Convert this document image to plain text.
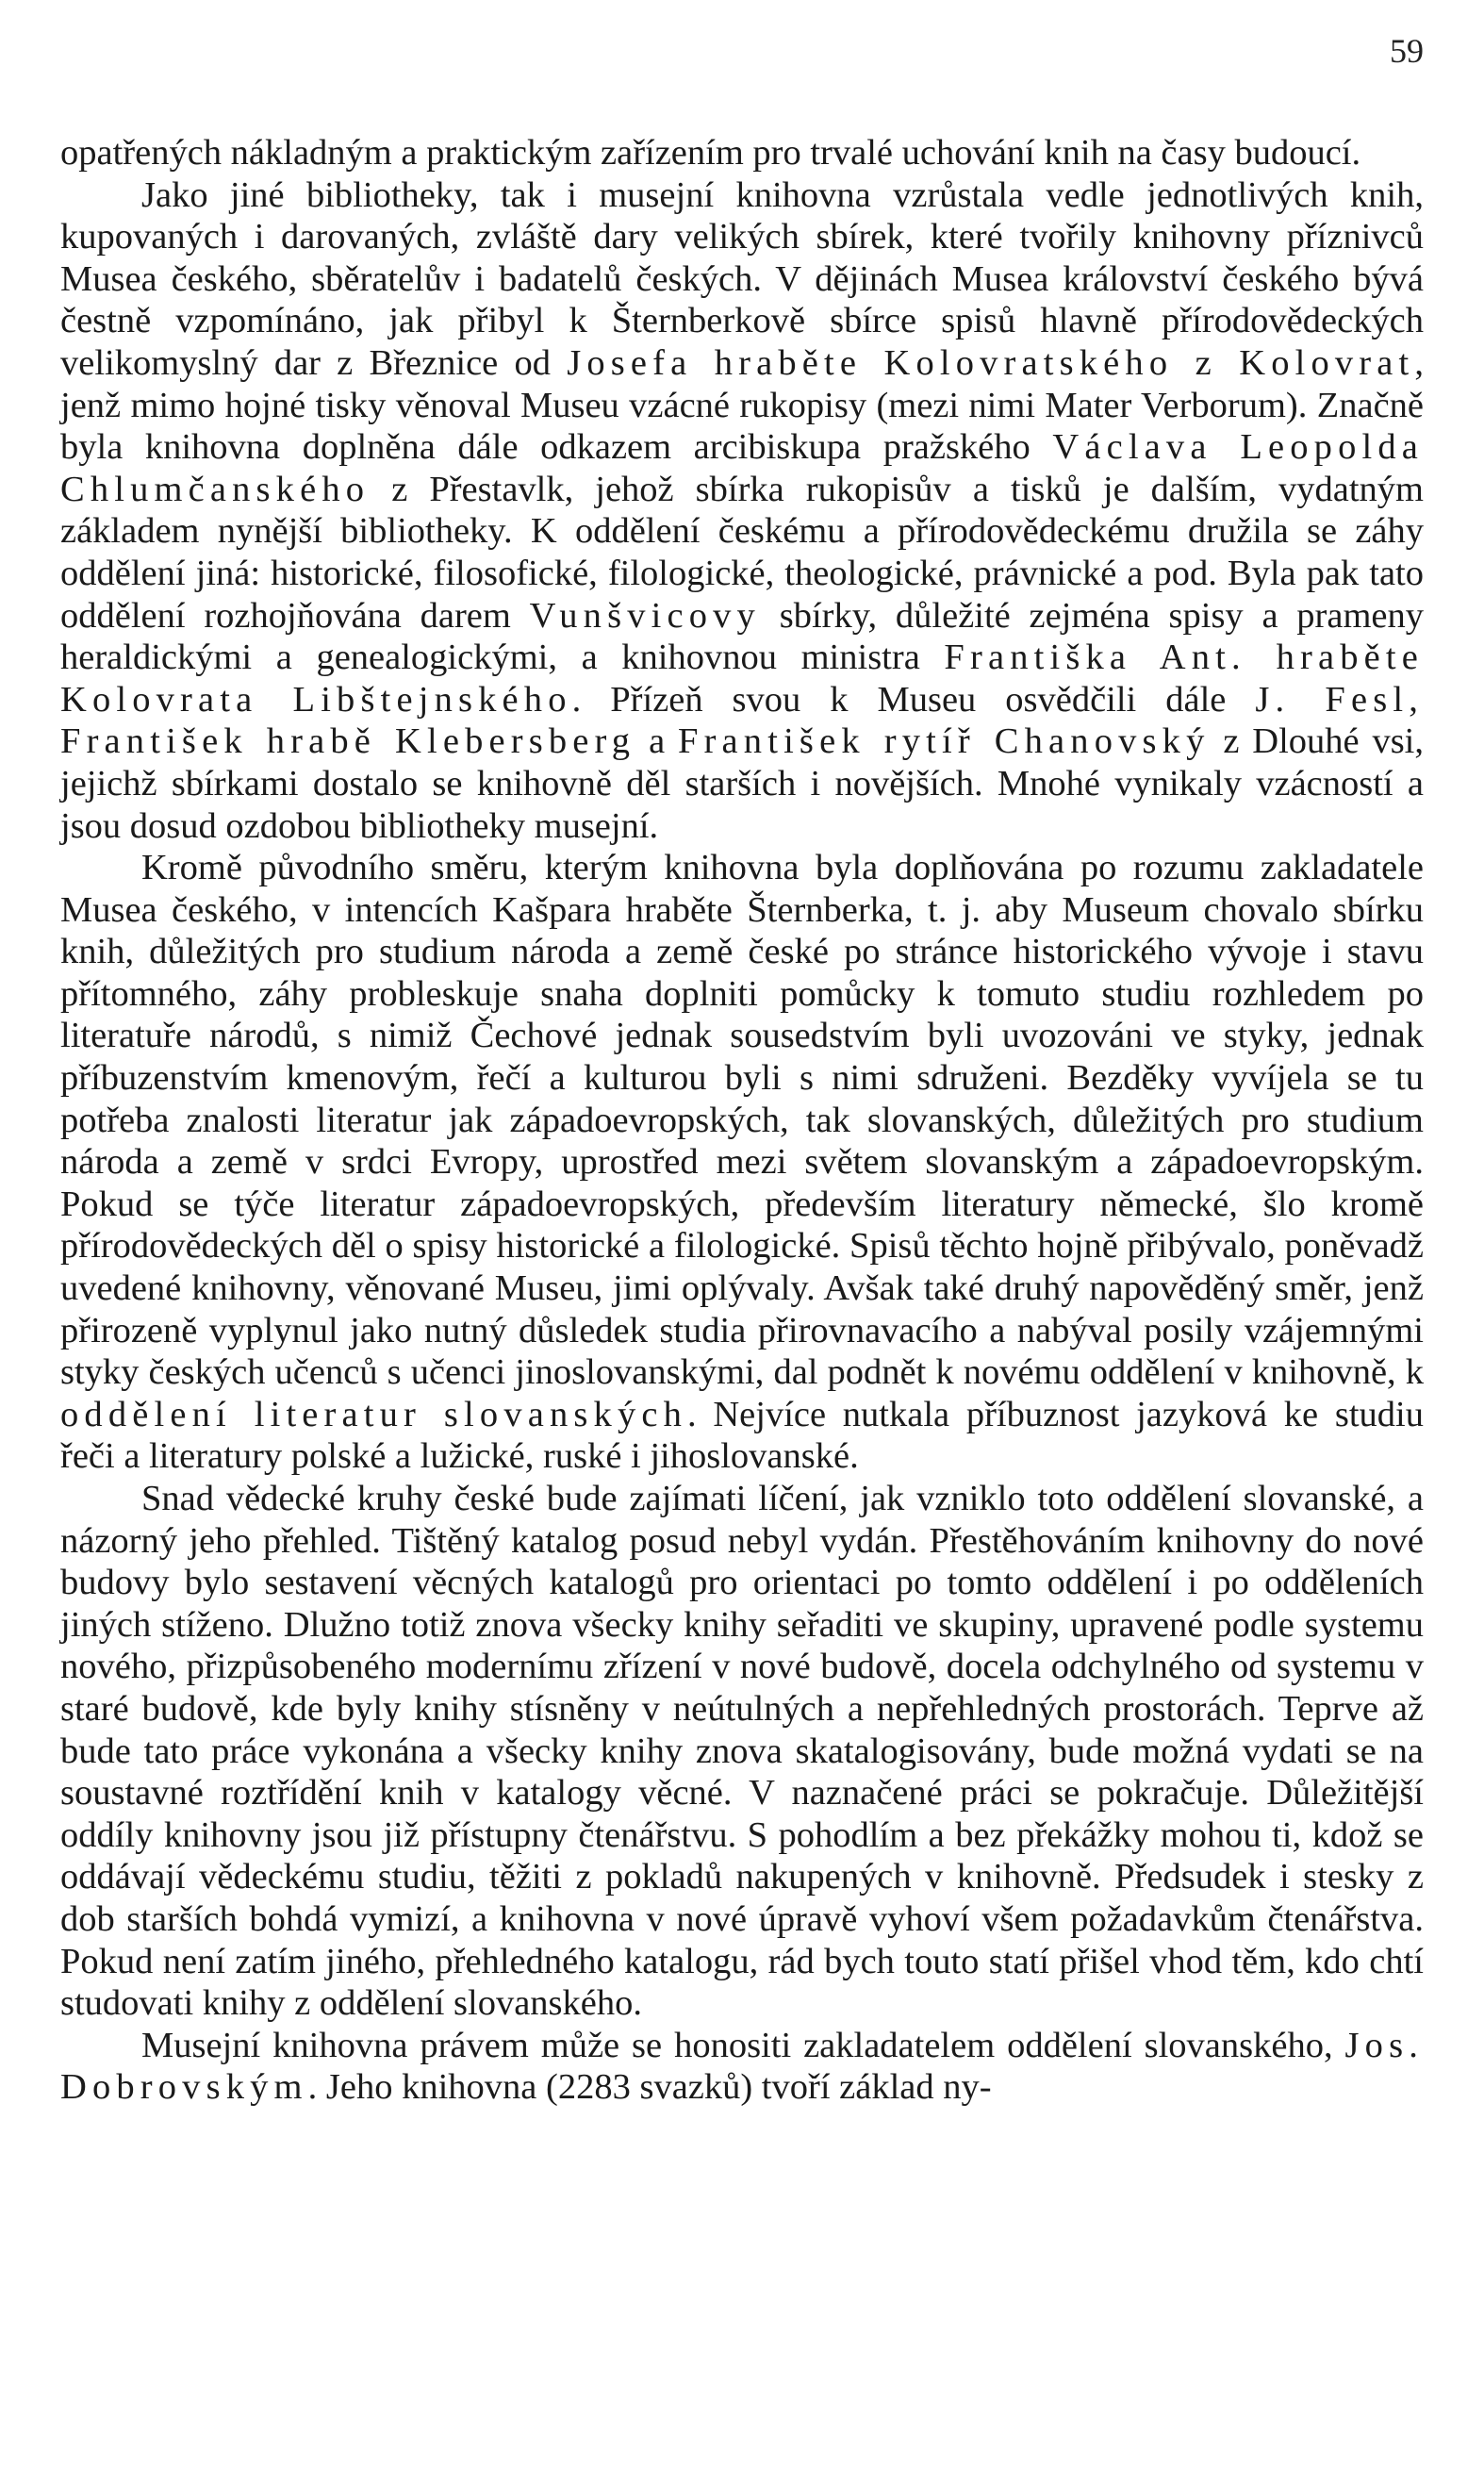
59

opatřených nákladným a praktickým zařízením pro trvalé uchování knih na časy budoucí.

Jako jiné bibliotheky, tak i musejní knihovna vzrůstala vedle jednotlivých knih, kupovaných i darovaných, zvláště dary velikých sbírek, které tvořily knihovny příznivců Musea českého, sběratelův i badatelů českých. V dějinách Musea království českého bývá čestně vzpomínáno, jak přibyl k Šternberkově sbírce spisů hlavně přírodovědeckých velikomyslný dar z Březnice od Josefa hraběte Kolovratského z Kolovrat, jenž mimo hojné tisky věnoval Museu vzácné rukopisy (mezi nimi Mater Verborum). Značně byla knihovna doplněna dále odkazem arcibiskupa pražského Václava Leopolda Chlumčanského z Přestavlk, jehož sbírka rukopisův a tisků je dalším, vydatným základem nynější bibliotheky. K oddělení českému a přírodovědeckému družila se záhy oddělení jiná: historické, filosofické, filologické, theologické, právnické a pod. Byla pak tato oddělení rozhojňována darem Vunšvicovy sbírky, důležité zejména spisy a prameny heraldickými a genealogickými, a knihovnou ministra Františka Ant. hraběte Kolovrata Libštejnského. Přízeň svou k Museu osvědčili dále J. Fesl, František hrabě Klebersberg a František rytíř Chanovský z Dlouhé vsi, jejichž sbírkami dostalo se knihovně děl starších i novějších. Mnohé vynikaly vzácností a jsou dosud ozdobou bibliotheky musejní.

Kromě původního směru, kterým knihovna byla doplňována po rozumu zakladatele Musea českého, v intencích Kašpara hraběte Šternberka, t. j. aby Museum chovalo sbírku knih, důležitých pro studium národa a země české po stránce historického vývoje i stavu přítomného, záhy probleskuje snaha doplniti pomůcky k tomuto studiu rozhledem po literatuře národů, s nimiž Čechové jednak sousedstvím byli uvozováni ve styky, jednak příbuzenstvím kmenovým, řečí a kulturou byli s nimi sdruženi. Bezděky vyvíjela se tu potřeba znalosti literatur jak západoevropských, tak slovanských, důležitých pro studium národa a země v srdci Evropy, uprostřed mezi světem slovanským a západoevropským. Pokud se týče literatur západoevropských, především literatury německé, šlo kromě přírodovědeckých děl o spisy historické a filologické. Spisů těchto hojně přibývalo, poněvadž uvedené knihovny, věnované Museu, jimi oplývaly. Avšak také druhý napověděný směr, jenž přirozeně vyplynul jako nutný důsledek studia přirovnavacího a nabýval posily vzájemnými styky českých učenců s učenci jinoslovanskými, dal podnět k novému oddělení v knihovně, k oddělení literatur slovanských. Nejvíce nutkala příbuznost jazyková ke studiu řeči a literatury polské a lužické, ruské i jihoslovanské.

Snad vědecké kruhy české bude zajímati líčení, jak vzniklo toto oddělení slovanské, a názorný jeho přehled. Tištěný katalog posud nebyl vydán. Přestěhováním knihovny do nové budovy bylo sestavení věcných katalogů pro orientaci po tomto oddělení i po odděleních jiných stíženo. Dlužno totiž znova všecky knihy seřaditi ve skupiny, upravené podle systemu nového, přizpůsobeného modernímu zřízení v nové budově, docela odchylného od systemu v staré budově, kde byly knihy stísněny v neútulných a nepřehledných prostorách. Teprve až bude tato práce vykonána a všecky knihy znova skatalogisovány, bude možná vydati se na soustavné roztřídění knih v katalogy věcné. V naznačené práci se pokračuje. Důležitější oddíly knihovny jsou již přístupny čtenářstvu. S pohodlím a bez překážky mohou ti, kdož se oddávají vědeckému studiu, těžiti z pokladů nakupených v knihovně. Předsudek i stesky z dob starších bohdá vymizí, a knihovna v nové úpravě vyhoví všem požadavkům čtenářstva. Pokud není zatím jiného, přehledného katalogu, rád bych touto statí přišel vhod těm, kdo chtí studovati knihy z oddělení slovanského.

Musejní knihovna právem může se honositi zakladatelem oddělení slovanského, Jos. Dobrovským. Jeho knihovna (2283 svazků) tvoří základ ny-
